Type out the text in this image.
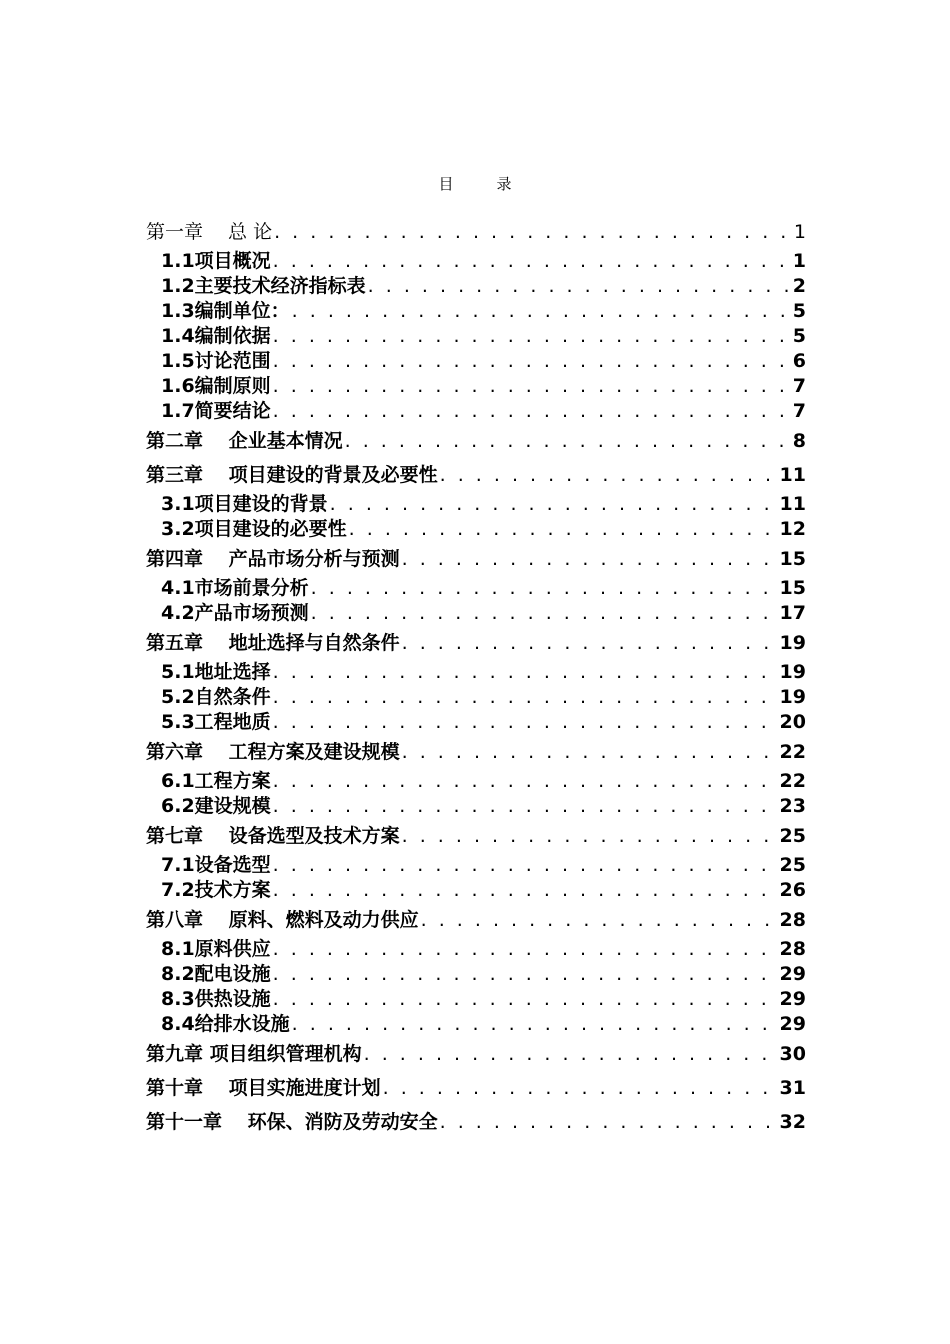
目　录
第一章　 总 论 . . .	1
1.1项目概况 . . .	1
1.2主要技术经济指标表 . . .	2
1.3编制单位： . . .	5
1.4编制依据 . . .	5
1.5讨论范围 . . .	6
1.6编制原则 . . .	7
1.7简要结论 . . .	7
第二章　 企业基本情况 . . .	8
第三章　 项目建设的背景及必要性 . . .	11
3.1项目建设的背景 . . .	11
3.2项目建设的必要性 . . .	12
第四章　 产品市场分析与预测 . . .	15
4.1市场前景分析 . . .	15
4.2产品市场预测 . . .	17
第五章　 地址选择与自然条件 . . .	19
5.1地址选择 . . .	19
5.2自然条件 . . .	19
5.3工程地质 . . .	20
第六章　 工程方案及建设规模 . . .	22
6.1工程方案 . . .	22
6.2建设规模 . . .	23
第七章　 设备选型及技术方案 . . .	25
7.1设备选型 . . .	25
7.2技术方案 . . .	26
第八章　 原料、燃料及动力供应 . . .	28
8.1原料供应 . . .	28
8.2配电设施 . . .	29
8.3供热设施 . . .	29
8.4给排水设施 . . .	29
第九章 项目组织管理机构 . . .	30
第十章　 项目实施进度计划 . . .	31
第十一章　 环保、消防及劳动安全 . . .	32
